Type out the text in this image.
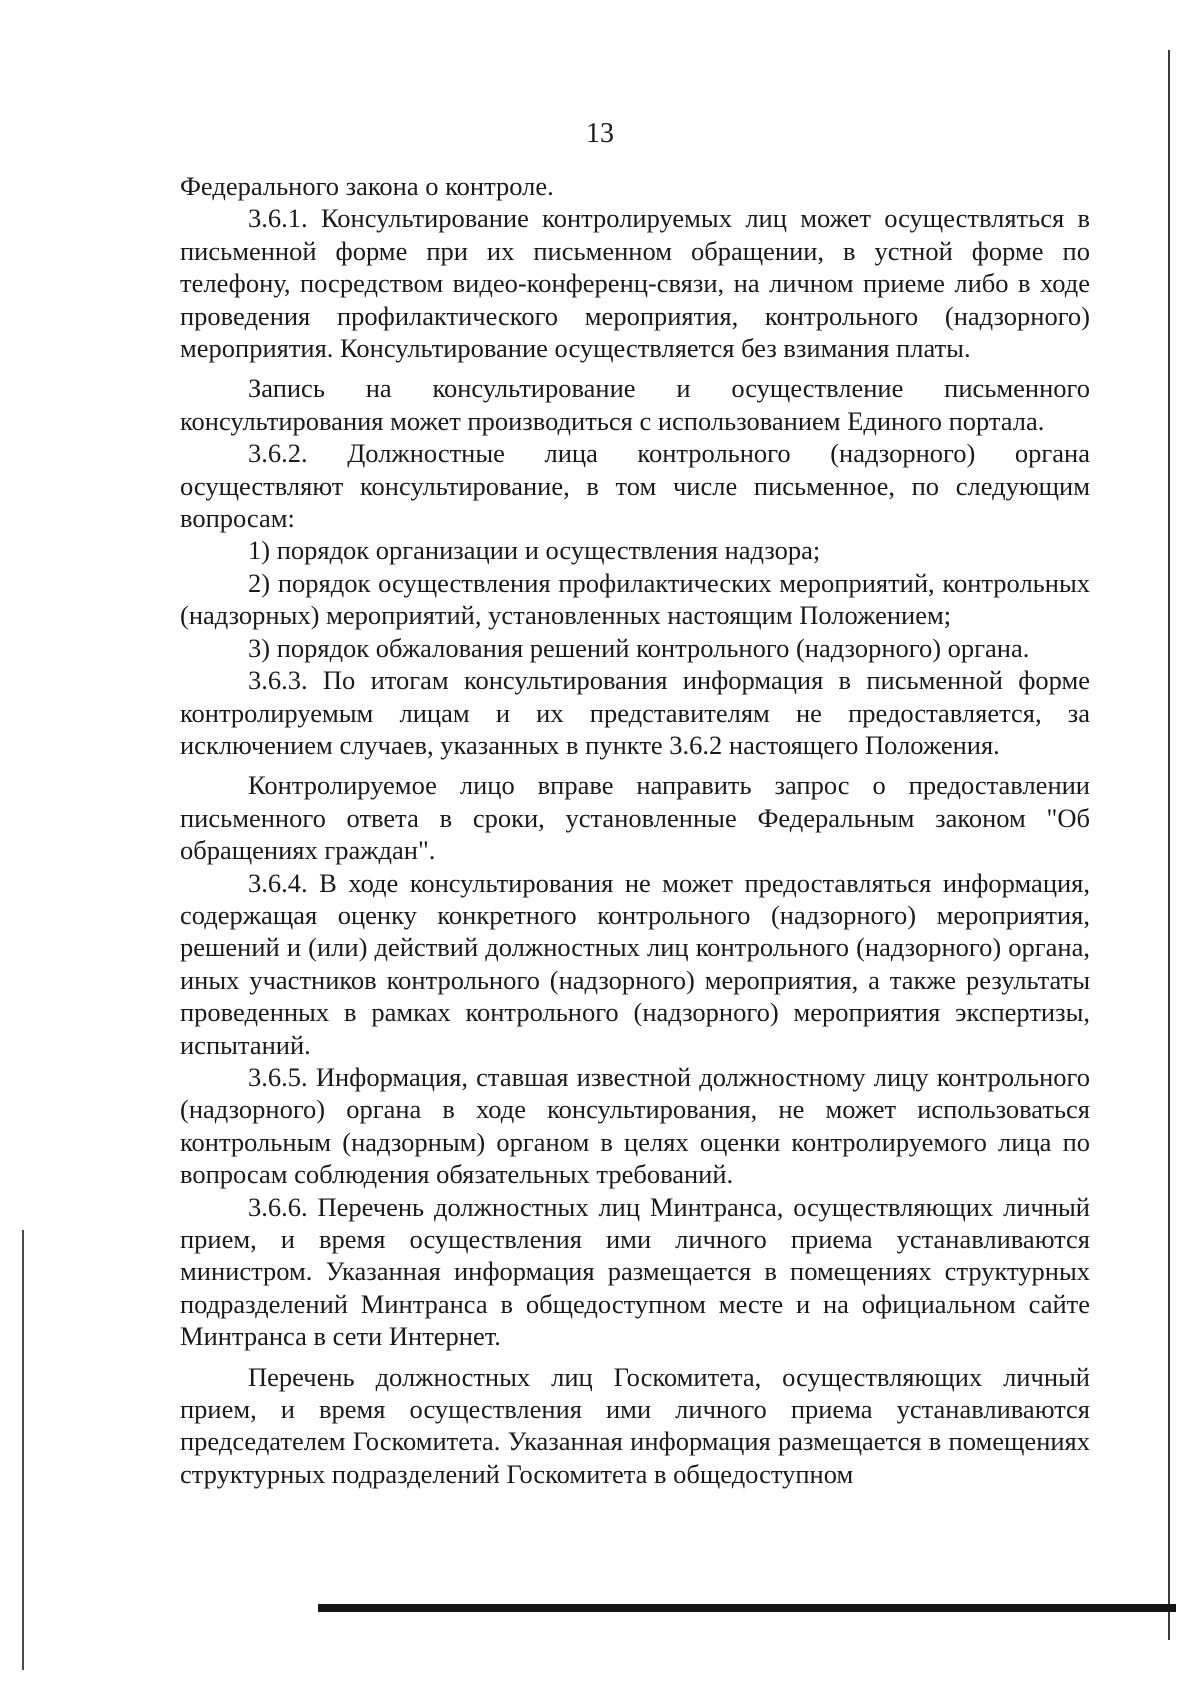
13

Федерального закона о контроле.

3.6.1. Консультирование контролируемых лиц может осуществляться в письменной форме при их письменном обращении, в устной форме по телефону, посредством видео-конференц-связи, на личном приеме либо в ходе проведения профилактического мероприятия, контрольного (надзорного) мероприятия. Консультирование осуществляется без взимания платы.

Запись на консультирование и осуществление письменного консультирования может производиться с использованием Единого портала.

3.6.2. Должностные лица контрольного (надзорного) органа осуществляют консультирование, в том числе письменное, по следующим вопросам:

1) порядок организации и осуществления надзора;

2) порядок осуществления профилактических мероприятий, контрольных (надзорных) мероприятий, установленных настоящим Положением;

3) порядок обжалования решений контрольного (надзорного) органа.

3.6.3. По итогам консультирования информация в письменной форме контролируемым лицам и их представителям не предоставляется, за исключением случаев, указанных в пункте 3.6.2 настоящего Положения.

Контролируемое лицо вправе направить запрос о предоставлении письменного ответа в сроки, установленные Федеральным законом "Об обращениях граждан".

3.6.4. В ходе консультирования не может предоставляться информация, содержащая оценку конкретного контрольного (надзорного) мероприятия, решений и (или) действий должностных лиц контрольного (надзорного) органа, иных участников контрольного (надзорного) мероприятия, а также результаты проведенных в рамках контрольного (надзорного) мероприятия экспертизы, испытаний.

3.6.5. Информация, ставшая известной должностному лицу контрольного (надзорного) органа в ходе консультирования, не может использоваться контрольным (надзорным) органом в целях оценки контролируемого лица по вопросам соблюдения обязательных требований.

3.6.6. Перечень должностных лиц Минтранса, осуществляющих личный прием, и время осуществления ими личного приема устанавливаются министром. Указанная информация размещается в помещениях структурных подразделений Минтранса в общедоступном месте и на официальном сайте Минтранса в сети Интернет.

Перечень должностных лиц Госкомитета, осуществляющих личный прием, и время осуществления ими личного приема устанавливаются председателем Госкомитета. Указанная информация размещается в помещениях структурных подразделений Госкомитета в общедоступном
